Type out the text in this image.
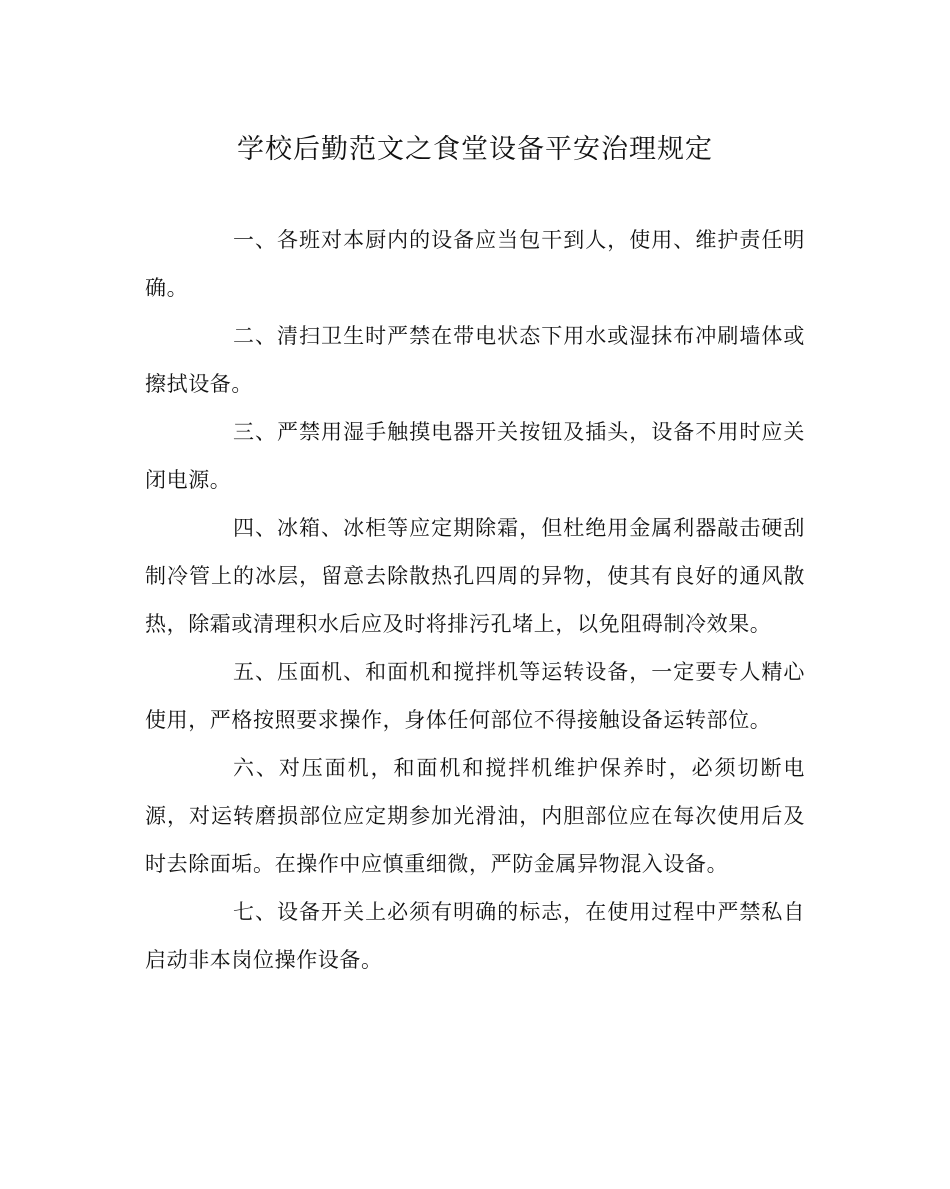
学校后勤范文之食堂设备平安治理规定

一、各班对本厨内的设备应当包干到人，使用、维护责任明确。

二、清扫卫生时严禁在带电状态下用水或湿抹布冲刷墙体或擦拭设备。

三、严禁用湿手触摸电器开关按钮及插头，设备不用时应关闭电源。

四、冰箱、冰柜等应定期除霜，但杜绝用金属利器敲击硬刮制冷管上的冰层，留意去除散热孔四周的异物，使其有良好的通风散热，除霜或清理积水后应及时将排污孔堵上，以免阻碍制冷效果。

五、压面机、和面机和搅拌机等运转设备，一定要专人精心使用，严格按照要求操作，身体任何部位不得接触设备运转部位。

六、对压面机，和面机和搅拌机维护保养时，必须切断电源，对运转磨损部位应定期参加光滑油，内胆部位应在每次使用后及时去除面垢。在操作中应慎重细微，严防金属异物混入设备。

七、设备开关上必须有明确的标志，在使用过程中严禁私自启动非本岗位操作设备。
